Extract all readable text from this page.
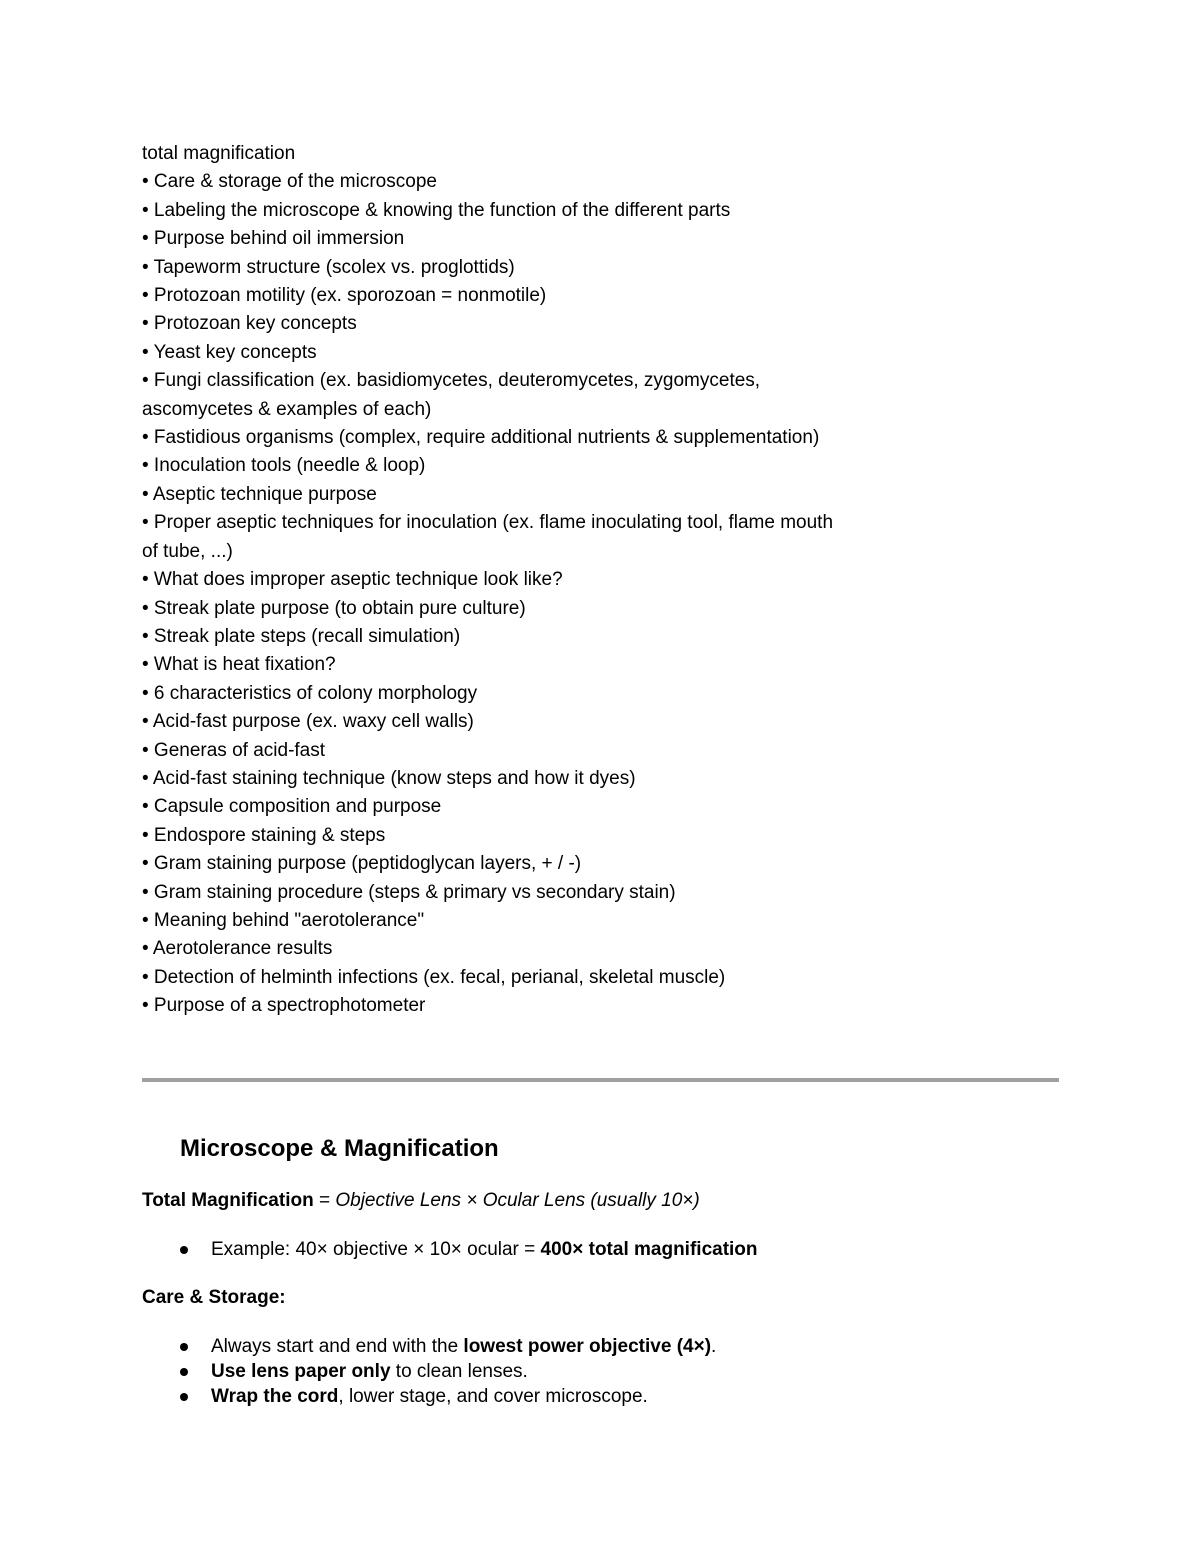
total magnification
• Care & storage of the microscope
• Labeling the microscope & knowing the function of the different parts
• Purpose behind oil immersion
• Tapeworm structure (scolex vs. proglottids)
• Protozoan motility (ex. sporozoan = nonmotile)
• Protozoan key concepts
• Yeast key concepts
• Fungi classification (ex. basidiomycetes, deuteromycetes, zygomycetes,
ascomycetes & examples of each)
• Fastidious organisms (complex, require additional nutrients & supplementation)
• Inoculation tools (needle & loop)
• Aseptic technique purpose
• Proper aseptic techniques for inoculation (ex. flame inoculating tool, flame mouth
of tube, ...)
• What does improper aseptic technique look like?
• Streak plate purpose (to obtain pure culture)
• Streak plate steps (recall simulation)
• What is heat fixation?
• 6 characteristics of colony morphology
• Acid-fast purpose (ex. waxy cell walls)
• Generas of acid-fast
• Acid-fast staining technique (know steps and how it dyes)
• Capsule composition and purpose
• Endospore staining & steps
• Gram staining purpose (peptidoglycan layers, + / -)
• Gram staining procedure (steps & primary vs secondary stain)
• Meaning behind "aerotolerance"
• Aerotolerance results
• Detection of helminth infections (ex. fecal, perianal, skeletal muscle)
• Purpose of a spectrophotometer
Microscope & Magnification
Total Magnification = Objective Lens × Ocular Lens (usually 10×)
Example: 40× objective × 10× ocular = 400× total magnification
Care & Storage:
Always start and end with the lowest power objective (4×).
Use lens paper only to clean lenses.
Wrap the cord, lower stage, and cover microscope.
